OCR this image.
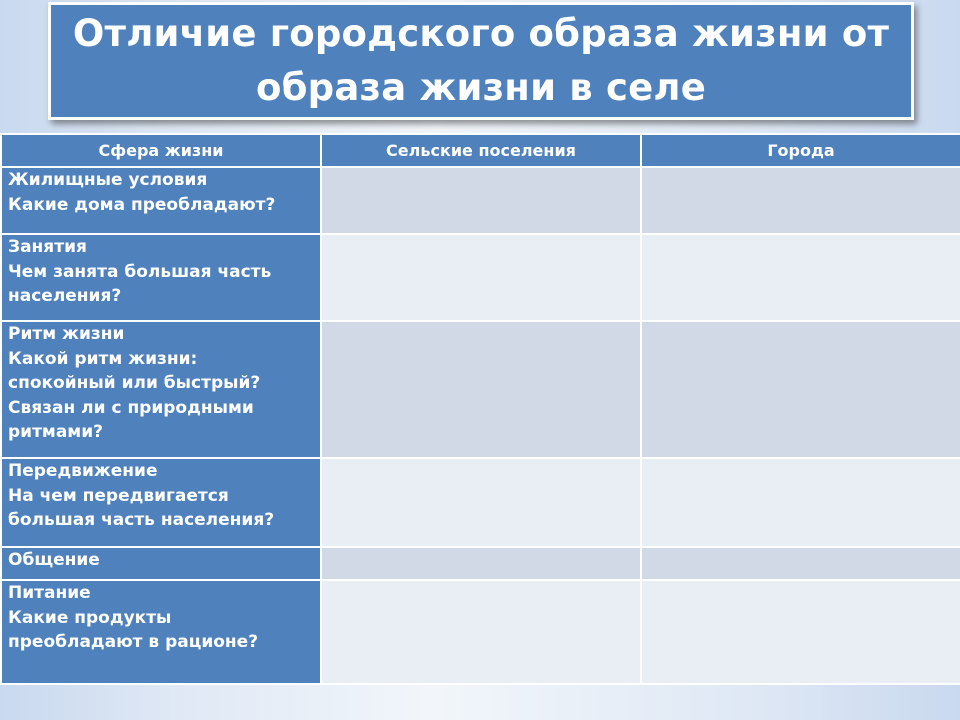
Отличие городского образа жизни от
образа жизни в селе
Сфера жизни	Сельские поселения	Города

Жилищные условия
Какие дома преобладают?		

Занятия
Чем занята большая часть
населения?		

Ритм жизни
Какой ритм жизни:
спокойный или быстрый?
Связан ли с природными
ритмами?		

Передвижение
На чем передвигается
большая часть населения?		

Общение		

Питание
Какие продукты
преобладают в рационе?		
